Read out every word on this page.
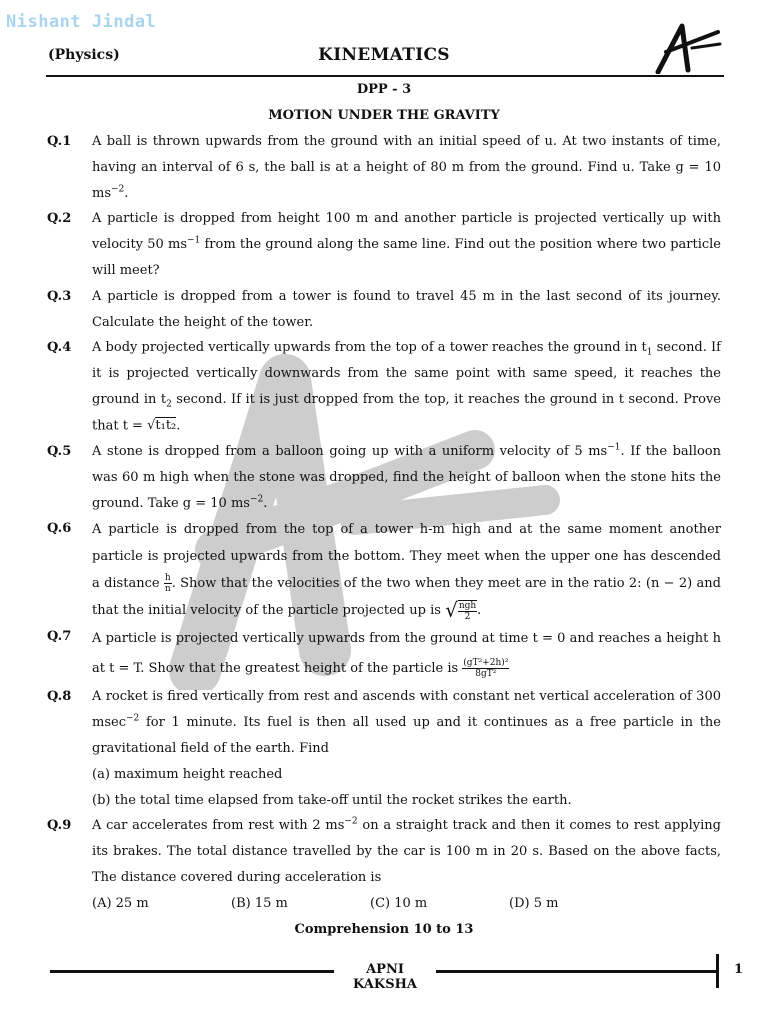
Nishant Jindal
(Physics)	KINEMATICS
DPP - 3
MOTION UNDER THE GRAVITY
Q.1	A ball is thrown upwards from the ground with an initial speed of u. At two instants of time, having an interval of 6 s, the ball is at a height of 80 m from the ground. Find u. Take g = 10 $ms^{-2}$.
Q.2	A particle is dropped from height 100 m and another particle is projected vertically up with velocity 50 $ms^{-1}$ from the ground along the same line. Find out the position where two particle will meet?
Q.3	A particle is dropped from a tower is found to travel 45 m in the last second of its journey. Calculate the height of the tower.
Q.4	A body projected vertically upwards from the top of a tower reaches the ground in $t_1$ second. If it is projected vertically downwards from the same point with same speed, it reaches the ground in $t_2$ second. If it is just dropped from the top, it reaches the ground in t second. Prove that t = √t₁t₂.
Q.5	A stone is dropped from a balloon going up with a uniform velocity of 5 $ms^{-1}$. If the balloon was 60 m high when the stone was dropped, find the height of balloon when the stone hits the ground. Take g = 10 $ms^{-2}$.
Q.6	A particle is dropped from the top of a tower h-m high and at the same moment another particle is projected upwards from the bottom. They meet when the upper one has descended a distance $\frac{h}{n}$ . Show that the velocities of the two when they meet are in the ratio 2: (n − 2) and that the initial velocity of the particle projected up is √ $\frac{\text{ngh}}{2}$ .
Q.7	A particle is projected vertically upwards from the ground at time t = 0 and reaches a height h at t = T. Show that the greatest height of the particle is $\frac{\text{(gT²+2h)²}}{\text{8gT²}}$
Q.8	A rocket is fired vertically from rest and ascends with constant net vertical acceleration of 300 msec$^{-2}$ for 1 minute. Its fuel is then all used up and it continues as a free particle in the gravitational field of the earth. Find
(a) maximum height reached
(b) the total time elapsed from take-off until the rocket strikes the earth.
Q.9	A car accelerates from rest with 2 $ms^{-2}$ on a straight track and then it comes to rest applying its brakes. The total distance travelled by the car is 100 m in 20 s. Based on the above facts, The distance covered during acceleration is
(A) 25 m	(B) 15 m	(C) 10 m	(D) 5 m
Comprehension 10 to 13
APNI KAKSHA
1
